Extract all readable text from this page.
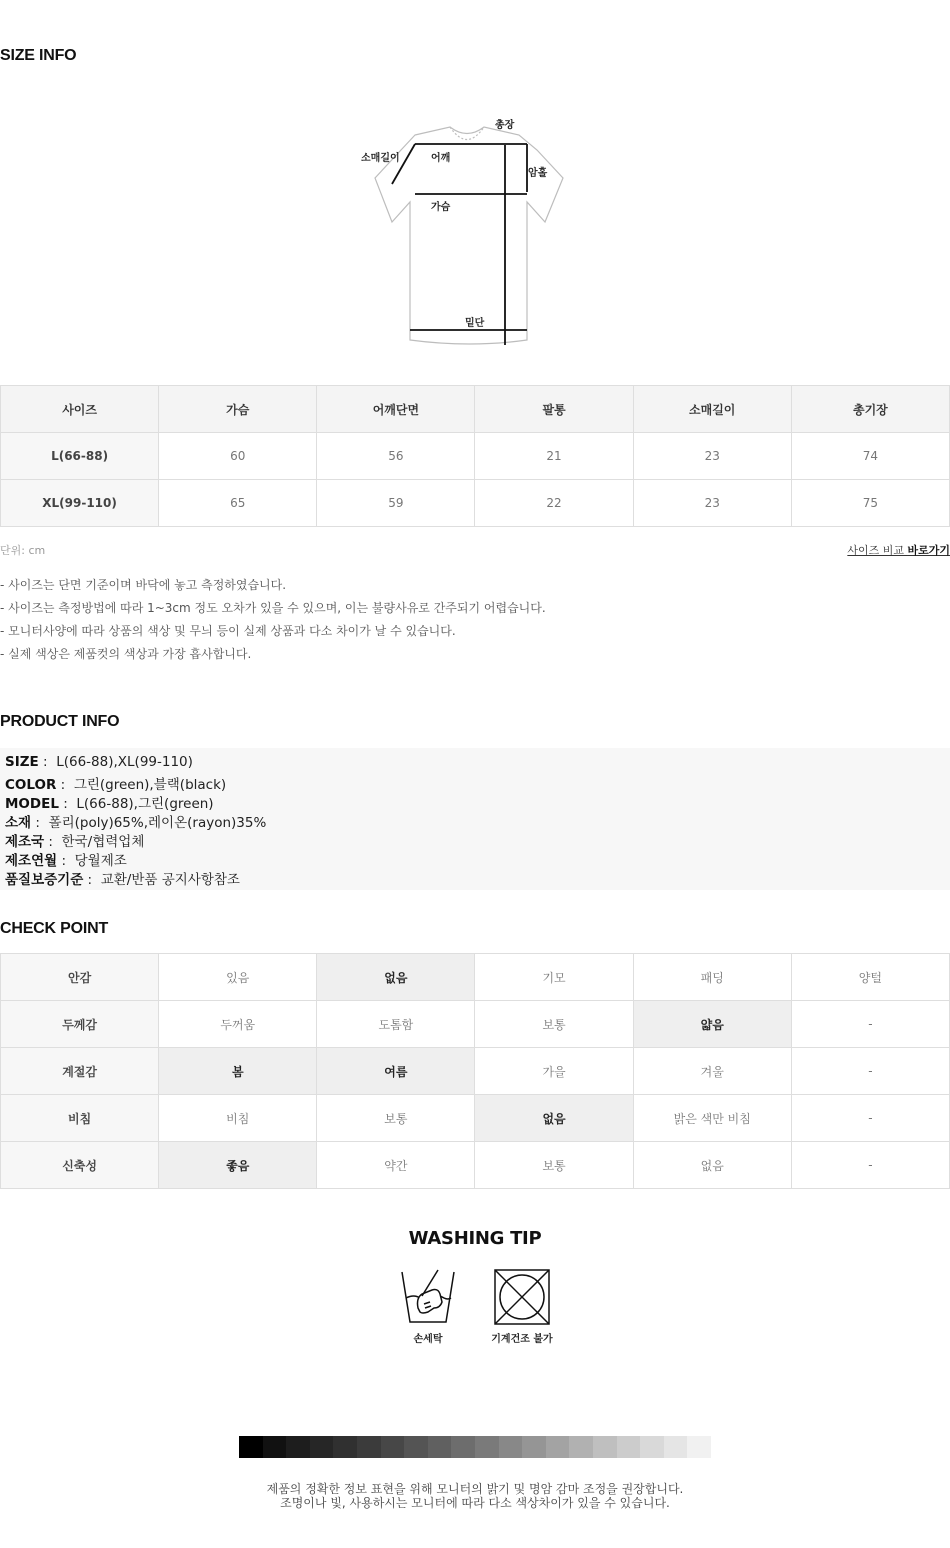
SIZE INFO
총장
소매길이	어깨
암홀
가슴
밑단
사이즈	가슴	어깨단면	팔통	소매길이	총기장
L(66-88)	60	56	21	23	74
XL(99-110)	65	59	22	23	75
단위: cm	사이즈 비교 바로가기
- 사이즈는 단면 기준이며 바닥에 놓고 측정하였습니다.
- 사이즈는 측정방법에 따라 1~3cm 정도 오차가 있을 수 있으며, 이는 불량사유로 간주되기 어렵습니다.
- 모니터사양에 따라 상품의 색상 및 무늬 등이 실제 상품과 다소 차이가 날 수 있습니다.
- 실제 색상은 제품컷의 색상과 가장 흡사합니다.
PRODUCT INFO
SIZE :  L(66-88),XL(99-110)
COLOR :  그린(green),블랙(black)
MODEL :  L(66-88),그린(green)
소재 :  폴리(poly)65%,레이온(rayon)35%
제조국 :  한국/협력업체
제조연월 :  당월제조
품질보증기준 :  교환/반품 공지사항참조
CHECK POINT
안감	있음	없음	기모	패딩	양털
두께감	두꺼움	도톰함	보통	얇음	-
계절감	봄	여름	가을	겨울	-
비침	비침	보통	없음	밝은 색만 비침	-
신축성	좋음	약간	보통	없음	-
WASHING TIP
손세탁	기계건조 불가
제품의 정확한 정보 표현을 위해 모니터의 밝기 및 명암 감마 조정을 권장합니다.
조명이나 빛, 사용하시는 모니터에 따라 다소 색상차이가 있을 수 있습니다.
